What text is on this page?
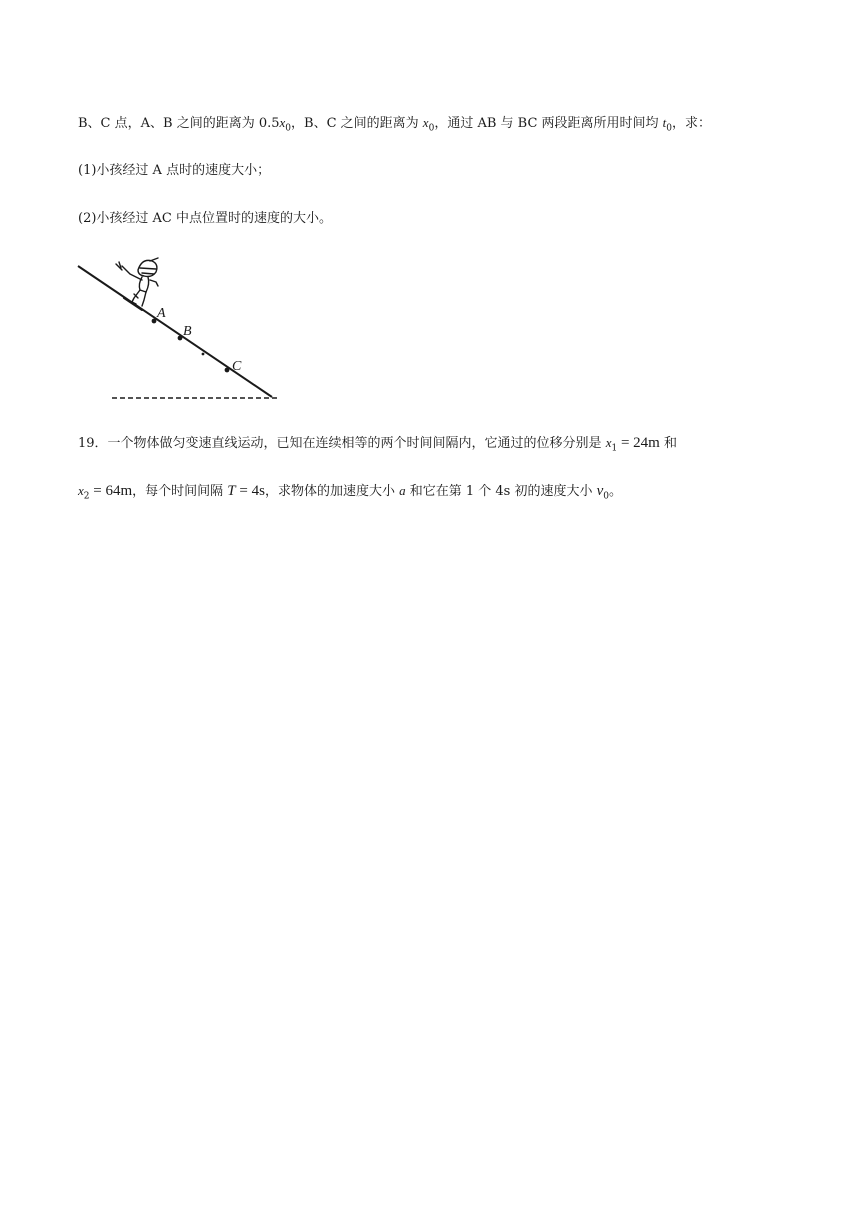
B、C 点，A、B 之间的距离为 $0.5x_0$，B、C 之间的距离为 $x_0$，通过 AB 与 BC 两段距离所用时间均 $t_0$，求：
(1)小孩经过 A 点时的速度大小；
(2)小孩经过 AC 中点位置时的速度的大小。
A
B
C
19．一个物体做匀变速直线运动，已知在连续相等的两个时间间隔内，它通过的位移分别是 $x_1 = 24m$ 和
$x_2 = 64m$，每个时间间隔 T = 4s，求物体的加速度大小 a 和它在第 1 个 4s 初的速度大小 $v_0$。
